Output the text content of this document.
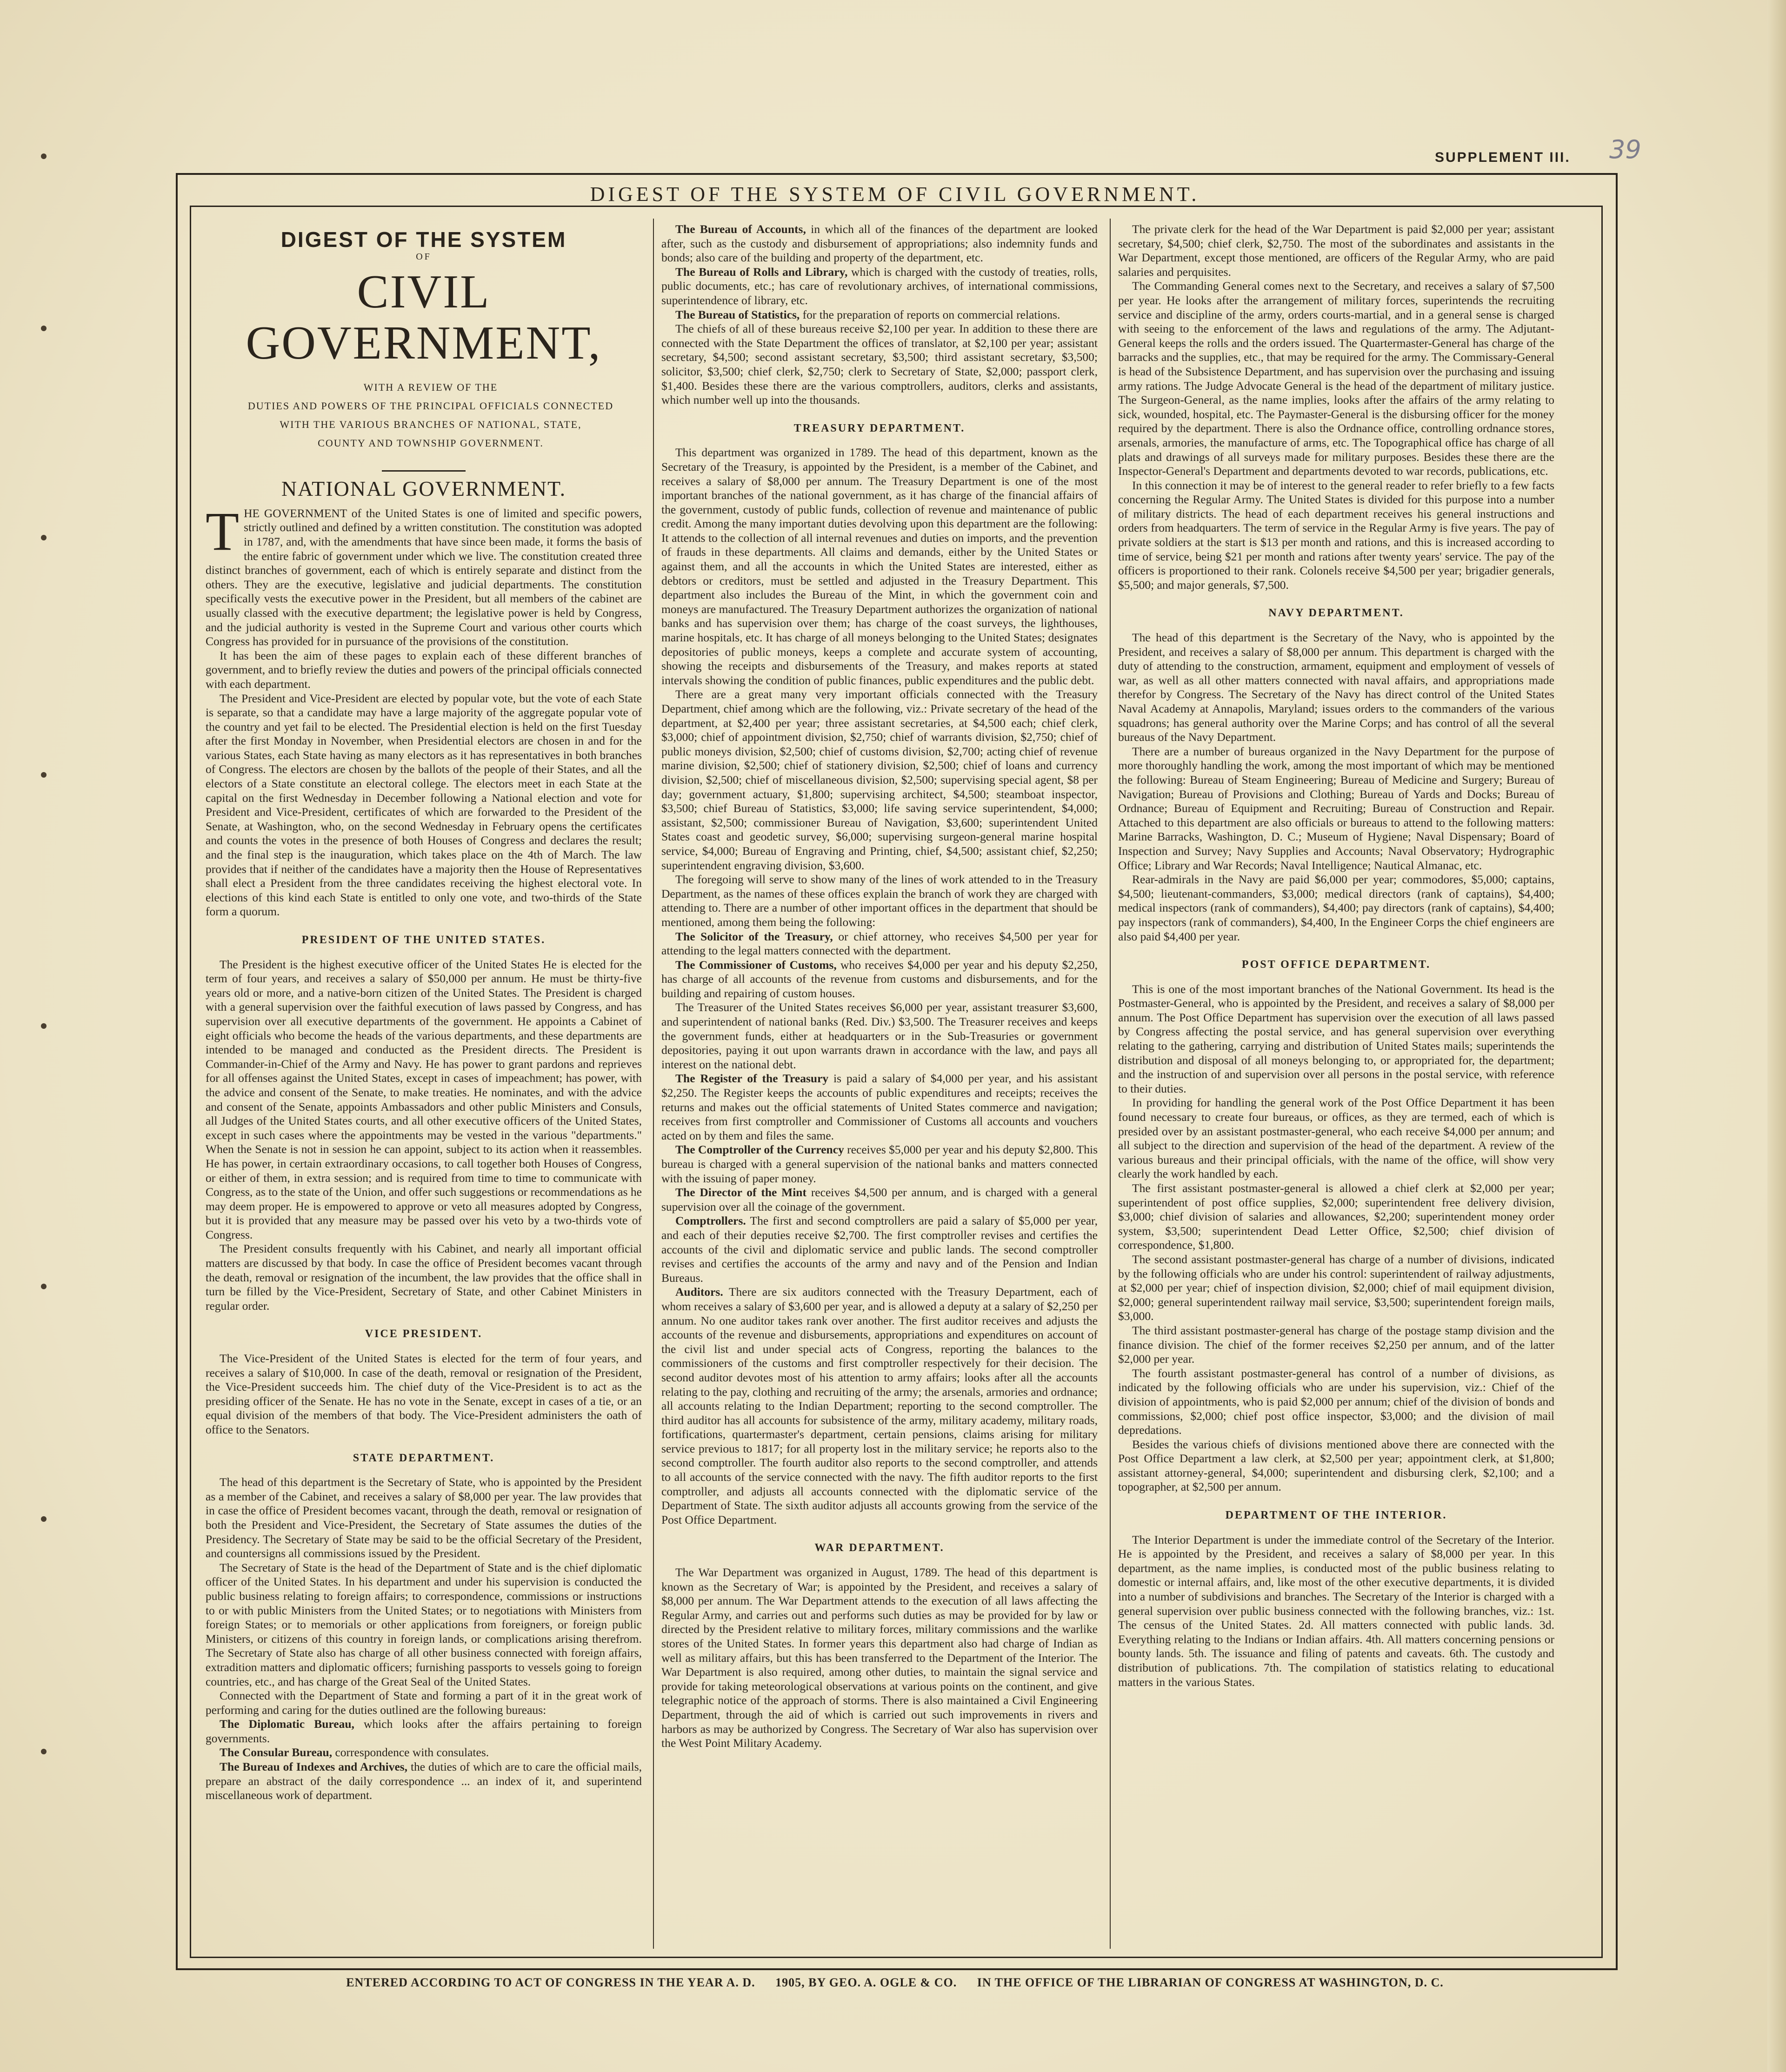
SUPPLEMENT III. 39
DIGEST OF THE SYSTEM OF CIVIL GOVERNMENT.
DIGEST OF THE SYSTEM
OF
CIVIL GOVERNMENT,

WITH A REVIEW OF THE

DUTIES AND POWERS OF THE PRINCIPAL OFFICIALS CONNECTED

WITH THE VARIOUS BRANCHES OF NATIONAL, STATE,

COUNTY AND TOWNSHIP GOVERNMENT.

NATIONAL GOVERNMENT.

THE GOVERNMENT of the United States is one of limited and specific powers, strictly outlined and defined by a written constitution. The constitution was adopted in 1787, and, with the amendments that have since been made, it forms the basis of the entire fabric of government under which we live. The constitution created three distinct branches of government, each of which is entirely separate and distinct from the others. They are the executive, legislative and judicial departments. The constitution specifically vests the executive power in the President, but all members of the cabinet are usually classed with the executive department; the legislative power is held by Congress, and the judicial authority is vested in the Supreme Court and various other courts which Congress has provided for in pursuance of the provisions of the constitution.

It has been the aim of these pages to explain each of these different branches of government, and to briefly review the duties and powers of the principal officials connected with each department.

The President and Vice-President are elected by popular vote, but the vote of each State is separate, so that a candidate may have a large majority of the aggregate popular vote of the country and yet fail to be elected. The Presidential election is held on the first Tuesday after the first Monday in November, when Presidential electors are chosen in and for the various States, each State having as many electors as it has representatives in both branches of Congress. The electors are chosen by the ballots of the people of their States, and all the electors of a State constitute an electoral college. The electors meet in each State at the capital on the first Wednesday in December following a National election and vote for President and Vice-President, certificates of which are forwarded to the President of the Senate, at Washington, who, on the second Wednesday in February opens the certificates and counts the votes in the presence of both Houses of Congress and declares the result; and the final step is the inauguration, which takes place on the 4th of March. The law provides that if neither of the candidates have a majority then the House of Representatives shall elect a President from the three candidates receiving the highest electoral vote. In elections of this kind each State is entitled to only one vote, and two-thirds of the State form a quorum.

PRESIDENT OF THE UNITED STATES.

The President is the highest executive officer of the United States He is elected for the term of four years, and receives a salary of $50,000 per annum. He must be thirty-five years old or more, and a native-born citizen of the United States. The President is charged with a general supervision over the faithful execution of laws passed by Congress, and has supervision over all executive departments of the government. He appoints a Cabinet of eight officials who become the heads of the various departments, and these departments are intended to be managed and conducted as the President directs. The President is Commander-in-Chief of the Army and Navy. He has power to grant pardons and reprieves for all offenses against the United States, except in cases of impeachment; has power, with the advice and consent of the Senate, to make treaties. He nominates, and with the advice and consent of the Senate, appoints Ambassadors and other public Ministers and Consuls, all Judges of the United States courts, and all other executive officers of the United States, except in such cases where the appointments may be vested in the various "departments." When the Senate is not in session he can appoint, subject to its action when it reassembles. He has power, in certain extraordinary occasions, to call together both Houses of Congress, or either of them, in extra session; and is required from time to time to communicate with Congress, as to the state of the Union, and offer such suggestions or recommendations as he may deem proper. He is empowered to approve or veto all measures adopted by Congress, but it is provided that any measure may be passed over his veto by a two-thirds vote of Congress.

The President consults frequently with his Cabinet, and nearly all important official matters are discussed by that body. In case the office of President becomes vacant through the death, removal or resignation of the incumbent, the law provides that the office shall in turn be filled by the Vice-President, Secretary of State, and other Cabinet Ministers in regular order.

VICE PRESIDENT.

The Vice-President of the United States is elected for the term of four years, and receives a salary of $10,000. In case of the death, removal or resignation of the President, the Vice-President succeeds him. The chief duty of the Vice-President is to act as the presiding officer of the Senate. He has no vote in the Senate, except in cases of a tie, or an equal division of the members of that body. The Vice-President administers the oath of office to the Senators.

STATE DEPARTMENT.

The head of this department is the Secretary of State, who is appointed by the President as a member of the Cabinet, and receives a salary of $8,000 per year. The law provides that in case the office of President becomes vacant, through the death, removal or resignation of both the President and Vice-President, the Secretary of State assumes the duties of the Presidency. The Secretary of State may be said to be the official Secretary of the President, and countersigns all commissions issued by the President.

The Secretary of State is the head of the Department of State and is the chief diplomatic officer of the United States. In his department and under his supervision is conducted the public business relating to foreign affairs; to correspondence, commissions or instructions to or with public Ministers from the United States; or to negotiations with Ministers from foreign States; or to memorials or other applications from foreigners, or foreign public Ministers, or citizens of this country in foreign lands, or complications arising therefrom. The Secretary of State also has charge of all other business connected with foreign affairs, extradition matters and diplomatic officers; furnishing passports to vessels going to foreign countries, etc., and has charge of the Great Seal of the United States.

Connected with the Department of State and forming a part of it in the great work of performing and caring for the duties outlined are the following bureaus:

The Diplomatic Bureau, which looks after the affairs pertaining to foreign governments.

The Consular Bureau, correspondence with consulates.

The Bureau of Indexes and Archives, the duties of which are to care the official mails, prepare an abstract of the daily correspondence ... an index of it, and superintend miscellaneous work of department.

The Bureau of Accounts, in which all of the finances of the department are looked after, such as the custody and disbursement of appropriations; also indemnity funds and bonds; also care of the building and property of the department, etc.

The Bureau of Rolls and Library, which is charged with the custody of treaties, rolls, public documents, etc.; has care of revolutionary archives, of international commissions, superintendence of library, etc.

The Bureau of Statistics, for the preparation of reports on commercial relations.

The chiefs of all of these bureaus receive $2,100 per year. In addition to these there are connected with the State Department the offices of translator, at $2,100 per year; assistant secretary, $4,500; second assistant secretary, $3,500; third assistant secretary, $3,500; solicitor, $3,500; chief clerk, $2,750; clerk to Secretary of State, $2,000; passport clerk, $1,400. Besides these there are the various comptrollers, auditors, clerks and assistants, which number well up into the thousands.

TREASURY DEPARTMENT.

This department was organized in 1789. The head of this department, known as the Secretary of the Treasury, is appointed by the President, is a member of the Cabinet, and receives a salary of $8,000 per annum. The Treasury Department is one of the most important branches of the national government, as it has charge of the financial affairs of the government, custody of public funds, collection of revenue and maintenance of public credit. Among the many important duties devolving upon this department are the following: It attends to the collection of all internal revenues and duties on imports, and the prevention of frauds in these departments. All claims and demands, either by the United States or against them, and all the accounts in which the United States are interested, either as debtors or creditors, must be settled and adjusted in the Treasury Department. This department also includes the Bureau of the Mint, in which the government coin and moneys are manufactured. The Treasury Department authorizes the organization of national banks and has supervision over them; has charge of the coast surveys, the lighthouses, marine hospitals, etc. It has charge of all moneys belonging to the United States; designates depositories of public moneys, keeps a complete and accurate system of accounting, showing the receipts and disbursements of the Treasury, and makes reports at stated intervals showing the condition of public finances, public expenditures and the public debt.

There are a great many very important officials connected with the Treasury Department, chief among which are the following, viz.: Private secretary of the head of the department, at $2,400 per year; three assistant secretaries, at $4,500 each; chief clerk, $3,000; chief of appointment division, $2,750; chief of warrants division, $2,750; chief of public moneys division, $2,500; chief of customs division, $2,700; acting chief of revenue marine division, $2,500; chief of stationery division, $2,500; chief of loans and currency division, $2,500; chief of miscellaneous division, $2,500; supervising special agent, $8 per day; government actuary, $1,800; supervising architect, $4,500; steamboat inspector, $3,500; chief Bureau of Statistics, $3,000; life saving service superintendent, $4,000; assistant, $2,500; commissioner Bureau of Navigation, $3,600; superintendent United States coast and geodetic survey, $6,000; supervising surgeon-general marine hospital service, $4,000; Bureau of Engraving and Printing, chief, $4,500; assistant chief, $2,250; superintendent engraving division, $3,600.

The foregoing will serve to show many of the lines of work attended to in the Treasury Department, as the names of these offices explain the branch of work they are charged with attending to. There are a number of other important offices in the department that should be mentioned, among them being the following:

The Solicitor of the Treasury, or chief attorney, who receives $4,500 per year for attending to the legal matters connected with the department.

The Commissioner of Customs, who receives $4,000 per year and his deputy $2,250, has charge of all accounts of the revenue from customs and disbursements, and for the building and repairing of custom houses.

The Treasurer of the United States receives $6,000 per year, assistant treasurer $3,600, and superintendent of national banks (Red. Div.) $3,500. The Treasurer receives and keeps the government funds, either at headquarters or in the Sub-Treasuries or government depositories, paying it out upon warrants drawn in accordance with the law, and pays all interest on the national debt.

The Register of the Treasury is paid a salary of $4,000 per year, and his assistant $2,250. The Register keeps the accounts of public expenditures and receipts; receives the returns and makes out the official statements of United States commerce and navigation; receives from first comptroller and Commissioner of Customs all accounts and vouchers acted on by them and files the same.

The Comptroller of the Currency receives $5,000 per year and his deputy $2,800. This bureau is charged with a general supervision of the national banks and matters connected with the issuing of paper money.

The Director of the Mint receives $4,500 per annum, and is charged with a general supervision over all the coinage of the government.

Comptrollers. The first and second comptrollers are paid a salary of $5,000 per year, and each of their deputies receive $2,700. The first comptroller revises and certifies the accounts of the civil and diplomatic service and public lands. The second comptroller revises and certifies the accounts of the army and navy and of the Pension and Indian Bureaus.

Auditors. There are six auditors connected with the Treasury Department, each of whom receives a salary of $3,600 per year, and is allowed a deputy at a salary of $2,250 per annum. No one auditor takes rank over another. The first auditor receives and adjusts the accounts of the revenue and disbursements, appropriations and expenditures on account of the civil list and under special acts of Congress, reporting the balances to the commissioners of the customs and first comptroller respectively for their decision. The second auditor devotes most of his attention to army affairs; looks after all the accounts relating to the pay, clothing and recruiting of the army; the arsenals, armories and ordnance; all accounts relating to the Indian Department; reporting to the second comptroller. The third auditor has all accounts for subsistence of the army, military academy, military roads, fortifications, quartermaster's department, certain pensions, claims arising for military service previous to 1817; for all property lost in the military service; he reports also to the second comptroller. The fourth auditor also reports to the second comptroller, and attends to all accounts of the service connected with the navy. The fifth auditor reports to the first comptroller, and adjusts all accounts connected with the diplomatic service of the Department of State. The sixth auditor adjusts all accounts growing from the service of the Post Office Department.

WAR DEPARTMENT.

The War Department was organized in August, 1789. The head of this department is known as the Secretary of War; is appointed by the President, and receives a salary of $8,000 per annum. The War Department attends to the execution of all laws affecting the Regular Army, and carries out and performs such duties as may be provided for by law or directed by the President relative to military forces, military commissions and the warlike stores of the United States. In former years this department also had charge of Indian as well as military affairs, but this has been transferred to the Department of the Interior. The War Department is also required, among other duties, to maintain the signal service and provide for taking meteorological observations at various points on the continent, and give telegraphic notice of the approach of storms. There is also maintained a Civil Engineering Department, through the aid of which is carried out such improvements in rivers and harbors as may be authorized by Congress. The Secretary of War also has supervision over the West Point Military Academy.

The private clerk for the head of the War Department is paid $2,000 per year; assistant secretary, $4,500; chief clerk, $2,750. The most of the subordinates and assistants in the War Department, except those mentioned, are officers of the Regular Army, who are paid salaries and perquisites.

The Commanding General comes next to the Secretary, and receives a salary of $7,500 per year. He looks after the arrangement of military forces, superintends the recruiting service and discipline of the army, orders courts-martial, and in a general sense is charged with seeing to the enforcement of the laws and regulations of the army. The Adjutant-General keeps the rolls and the orders issued. The Quartermaster-General has charge of the barracks and the supplies, etc., that may be required for the army. The Commissary-General is head of the Subsistence Department, and has supervision over the purchasing and issuing army rations. The Judge Advocate General is the head of the department of military justice. The Surgeon-General, as the name implies, looks after the affairs of the army relating to sick, wounded, hospital, etc. The Paymaster-General is the disbursing officer for the money required by the department. There is also the Ordnance office, controlling ordnance stores, arsenals, armories, the manufacture of arms, etc. The Topographical office has charge of all plats and drawings of all surveys made for military purposes. Besides these there are the Inspector-General's Department and departments devoted to war records, publications, etc.

In this connection it may be of interest to the general reader to refer briefly to a few facts concerning the Regular Army. The United States is divided for this purpose into a number of military districts. The head of each department receives his general instructions and orders from headquarters. The term of service in the Regular Army is five years. The pay of private soldiers at the start is $13 per month and rations, and this is increased according to time of service, being $21 per month and rations after twenty years' service. The pay of the officers is proportioned to their rank. Colonels receive $4,500 per year; brigadier generals, $5,500; and major generals, $7,500.

NAVY DEPARTMENT.

The head of this department is the Secretary of the Navy, who is appointed by the President, and receives a salary of $8,000 per annum. This department is charged with the duty of attending to the construction, armament, equipment and employment of vessels of war, as well as all other matters connected with naval affairs, and appropriations made therefor by Congress. The Secretary of the Navy has direct control of the United States Naval Academy at Annapolis, Maryland; issues orders to the commanders of the various squadrons; has general authority over the Marine Corps; and has control of all the several bureaus of the Navy Department.

There are a number of bureaus organized in the Navy Department for the purpose of more thoroughly handling the work, among the most important of which may be mentioned the following: Bureau of Steam Engineering; Bureau of Medicine and Surgery; Bureau of Navigation; Bureau of Provisions and Clothing; Bureau of Yards and Docks; Bureau of Ordnance; Bureau of Equipment and Recruiting; Bureau of Construction and Repair. Attached to this department are also officials or bureaus to attend to the following matters: Marine Barracks, Washington, D. C.; Museum of Hygiene; Naval Dispensary; Board of Inspection and Survey; Navy Supplies and Accounts; Naval Observatory; Hydrographic Office; Library and War Records; Naval Intelligence; Nautical Almanac, etc.

Rear-admirals in the Navy are paid $6,000 per year; commodores, $5,000; captains, $4,500; lieutenant-commanders, $3,000; medical directors (rank of captains), $4,400; medical inspectors (rank of commanders), $4,400; pay directors (rank of captains), $4,400; pay inspectors (rank of commanders), $4,400, In the Engineer Corps the chief engineers are also paid $4,400 per year.

POST OFFICE DEPARTMENT.

This is one of the most important branches of the National Government. Its head is the Postmaster-General, who is appointed by the President, and receives a salary of $8,000 per annum. The Post Office Department has supervision over the execution of all laws passed by Congress affecting the postal service, and has general supervision over everything relating to the gathering, carrying and distribution of United States mails; superintends the distribution and disposal of all moneys belonging to, or appropriated for, the department; and the instruction of and supervision over all persons in the postal service, with reference to their duties.

In providing for handling the general work of the Post Office Department it has been found necessary to create four bureaus, or offices, as they are termed, each of which is presided over by an assistant postmaster-general, who each receive $4,000 per annum; and all subject to the direction and supervision of the head of the department. A review of the various bureaus and their principal officials, with the name of the office, will show very clearly the work handled by each.

The first assistant postmaster-general is allowed a chief clerk at $2,000 per year; superintendent of post office supplies, $2,000; superintendent free delivery division, $3,000; chief division of salaries and allowances, $2,200; superintendent money order system, $3,500; superintendent Dead Letter Office, $2,500; chief division of correspondence, $1,800.

The second assistant postmaster-general has charge of a number of divisions, indicated by the following officials who are under his control: superintendent of railway adjustments, at $2,000 per year; chief of inspection division, $2,000; chief of mail equipment division, $2,000; general superintendent railway mail service, $3,500; superintendent foreign mails, $3,000.

The third assistant postmaster-general has charge of the postage stamp division and the finance division. The chief of the former receives $2,250 per annum, and of the latter $2,000 per year.

The fourth assistant postmaster-general has control of a number of divisions, as indicated by the following officials who are under his supervision, viz.: Chief of the division of appointments, who is paid $2,000 per annum; chief of the division of bonds and commissions, $2,000; chief post office inspector, $3,000; and the division of mail depredations.

Besides the various chiefs of divisions mentioned above there are connected with the Post Office Department a law clerk, at $2,500 per year; appointment clerk, at $1,800; assistant attorney-general, $4,000; superintendent and disbursing clerk, $2,100; and a topographer, at $2,500 per annum.

DEPARTMENT OF THE INTERIOR.

The Interior Department is under the immediate control of the Secretary of the Interior. He is appointed by the President, and receives a salary of $8,000 per year. In this department, as the name implies, is conducted most of the public business relating to domestic or internal affairs, and, like most of the other executive departments, it is divided into a number of subdivisions and branches. The Secretary of the Interior is charged with a general supervision over public business connected with the following branches, viz.: 1st. The census of the United States. 2d. All matters connected with public lands. 3d. Everything relating to the Indians or Indian affairs. 4th. All matters concerning pensions or bounty lands. 5th. The issuance and filing of patents and caveats. 6th. The custody and distribution of publications. 7th. The compilation of statistics relating to educational matters in the various States.

ENTERED ACCORDING TO ACT OF CONGRESS IN THE YEAR A. D. 1905, BY GEO. A. OGLE & CO. IN THE OFFICE OF THE LIBRARIAN OF CONGRESS AT WASHINGTON, D. C.
